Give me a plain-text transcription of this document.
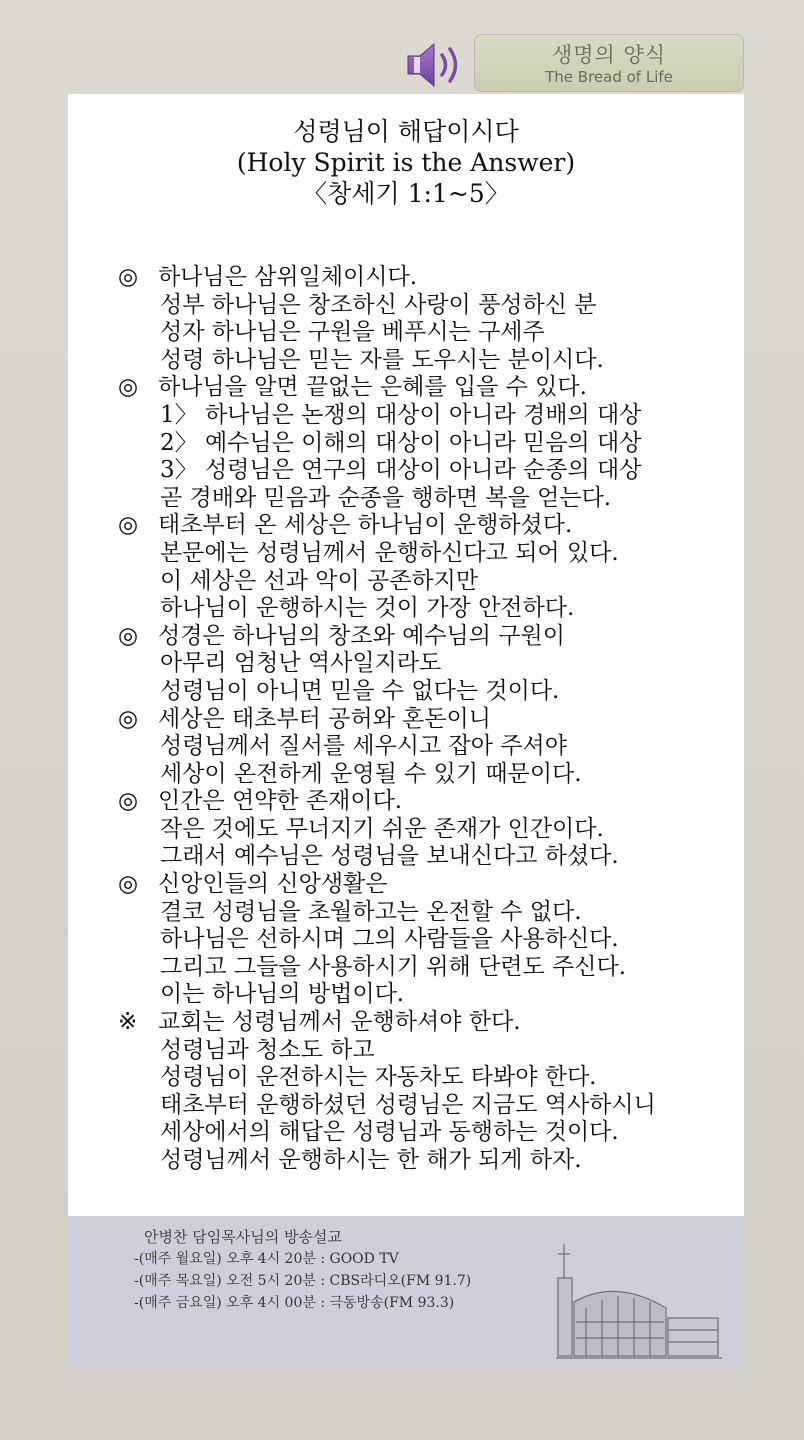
생명의 양식
The Bread of Life
성령님이 해답이시다
(Holy Spirit is the Answer)
〈창세기 1:1~5〉
◎ 하나님은 삼위일체이시다.
성부 하나님은 창조하신 사랑이 풍성하신 분
성자 하나님은 구원을 베푸시는 구세주
성령 하나님은 믿는 자를 도우시는 분이시다.
◎ 하나님을 알면 끝없는 은혜를 입을 수 있다.
1〉 하나님은 논쟁의 대상이 아니라 경배의 대상
2〉 예수님은 이해의 대상이 아니라 믿음의 대상
3〉 성령님은 연구의 대상이 아니라 순종의 대상
곧 경배와 믿음과 순종을 행하면 복을 얻는다.
◎ 태초부터 온 세상은 하나님이 운행하셨다.
본문에는 성령님께서 운행하신다고 되어 있다.
이 세상은 선과 악이 공존하지만
하나님이 운행하시는 것이 가장 안전하다.
◎ 성경은 하나님의 창조와 예수님의 구원이
아무리 엄청난 역사일지라도
성령님이 아니면 믿을 수 없다는 것이다.
◎ 세상은 태초부터 공허와 혼돈이니
성령님께서 질서를 세우시고 잡아 주셔야
세상이 온전하게 운영될 수 있기 때문이다.
◎ 인간은 연약한 존재이다.
작은 것에도 무너지기 쉬운 존재가 인간이다.
그래서 예수님은 성령님을 보내신다고 하셨다.
◎ 신앙인들의 신앙생활은
결코 성령님을 초월하고는 온전할 수 없다.
하나님은 선하시며 그의 사람들을 사용하신다.
그리고 그들을 사용하시기 위해 단련도 주신다.
이는 하나님의 방법이다.
※ 교회는 성령님께서 운행하셔야 한다.
성령님과 청소도 하고
성령님이 운전하시는 자동차도 타봐야 한다.
태초부터 운행하셨던 성령님은 지금도 역사하시니
세상에서의 해답은 성령님과 동행하는 것이다.
성령님께서 운행하시는 한 해가 되게 하자.
안병찬 담임목사님의 방송설교
-(매주 월요일) 오후 4시 20분 : GOOD TV
-(매주 목요일) 오전 5시 20분 : CBS라디오(FM 91.7)
-(매주 금요일) 오후 4시 00분 : 극동방송(FM 93.3)
